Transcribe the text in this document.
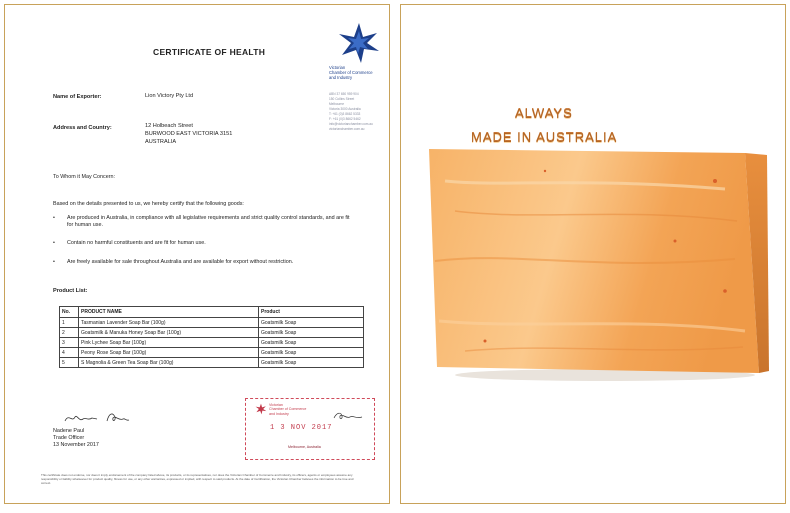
CERTIFICATE OF HEALTH
Victorian
Chamber of Commerce
and Industry
ABN 37 650 959 904
150 Collins Street
Melbourne
Victoria 3000 Australia
T: +61 (0)3 8662 5333
F: +61 (0)3 8662 5462
info@victorianchamber.com.au
victorianchamber.com.au
Name of Exporter:	Lion Victory Pty Ltd
Address and Country:	12 Holbeach Street
BURWOOD EAST VICTORIA 3151
AUSTRALIA
To Whom it May Concern:
Based on the details presented to us, we hereby certify that the following goods:
• Are produced in Australia, in compliance with all legislative requirements and strict quality control standards, and are fit for human use.
• Contain no harmful constituents and are fit for human use.
• Are freely available for sale throughout Australia and are available for export without restriction.
Product List:
No.	PRODUCT NAME	Product
1	Tasmanian Lavender Soap Bar (100g)	Goatsmilk Soap
2	Goatsmilk & Manuka Honey Soap Bar (100g)	Goatsmilk Soap
3	Pink Lychee Soap Bar (100g)	Goatsmilk Soap
4	Peony Rose Soap Bar (100g)	Goatsmilk Soap
5	S Magnolia & Green Tea Soap Bar (100g)	Goatsmilk Soap
Nadene Paul
Trade Officer
13 November 2017
Victorian
Chamber of Commerce
and Industry
1 3 NOV 2017
Melbourne, Australia
This certificate does not endorse, nor does it imply endorsement of the company listed above, its products, or its representatives, nor does the Victorian Chamber of Commerce and Industry, its officers, agents or employees assume any responsibility or liability whatsoever for product quality, fitness for use, or any other warranties, expressed or implied, with respect to said products. At the date of Certification, the Victorian Chamber believes the information to be true and correct.
ALWAYS
MADE IN AUSTRALIA
